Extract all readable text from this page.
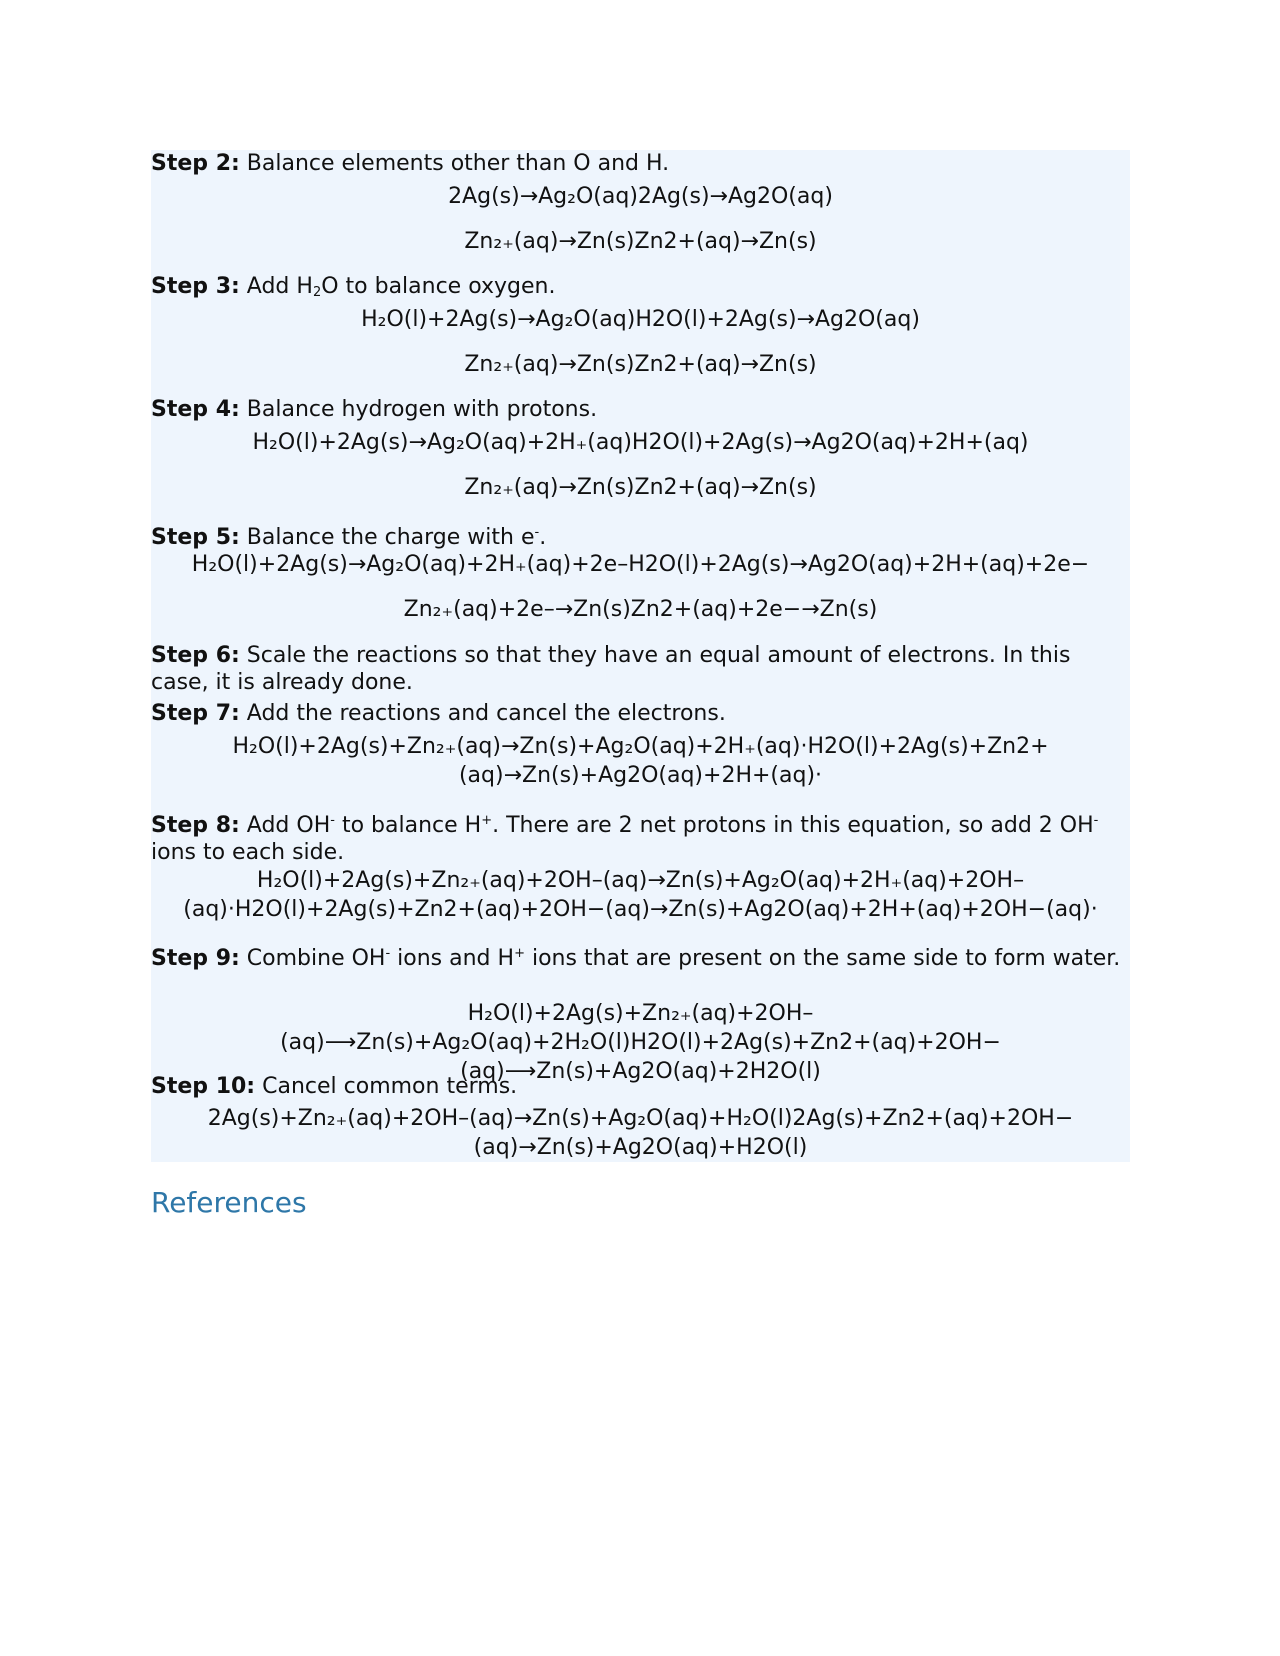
Step 2: Balance elements other than O and H.

2Ag(s)→Ag₂O(aq)2Ag(s)→Ag2O(aq)

Zn₂₊(aq)→Zn(s)Zn2+(aq)→Zn(s)

Step 3: Add $H_2O$ to balance oxygen.

H₂O(l)+2Ag(s)→Ag₂O(aq)H2O(l)+2Ag(s)→Ag2O(aq)

Zn₂₊(aq)→Zn(s)Zn2+(aq)→Zn(s)

Step 4: Balance hydrogen with protons.

H₂O(l)+2Ag(s)→Ag₂O(aq)+2H₊(aq)H2O(l)+2Ag(s)→Ag2O(aq)+2H+(aq)

Zn₂₊(aq)→Zn(s)Zn2+(aq)→Zn(s)

Step 5: Balance the charge with e-.

H₂O(l)+2Ag(s)→Ag₂O(aq)+2H₊(aq)+2e–H2O(l)+2Ag(s)→Ag2O(aq)+2H+(aq)+2e−

Zn₂₊(aq)+2e–→Zn(s)Zn2+(aq)+2e−→Zn(s)

Step 6: Scale the reactions so that they have an equal amount of electrons. In this case, it is already done.

Step 7: Add the reactions and cancel the electrons.

H₂O(l)+2Ag(s)+Zn₂₊(aq)→Zn(s)+Ag₂O(aq)+2H₊(aq)·H2O(l)+2Ag(s)+Zn2+(aq)→Zn(s)+Ag2O(aq)+2H+(aq)·

Step 8: Add OH- to balance H+. There are 2 net protons in this equation, so add 2 OH- ions to each side.

H₂O(l)+2Ag(s)+Zn₂₊(aq)+2OH–(aq)→Zn(s)+Ag₂O(aq)+2H₊(aq)+2OH–(aq)·H2O(l)+2Ag(s)+Zn2+(aq)+2OH−(aq)→Zn(s)+Ag2O(aq)+2H+(aq)+2OH−(aq)·

Step 9: Combine OH- ions and H+ ions that are present on the same side to form water.

H₂O(l)+2Ag(s)+Zn₂₊(aq)+2OH–(aq)⟶Zn(s)+Ag₂O(aq)+2H₂O(l)H2O(l)+2Ag(s)+Zn2+(aq)+2OH−(aq)⟶Zn(s)+Ag2O(aq)+2H2O(l)

Step 10: Cancel common terms.

2Ag(s)+Zn₂₊(aq)+2OH–(aq)→Zn(s)+Ag₂O(aq)+H₂O(l)2Ag(s)+Zn2+(aq)+2OH−(aq)→Zn(s)+Ag2O(aq)+H2O(l)

References
